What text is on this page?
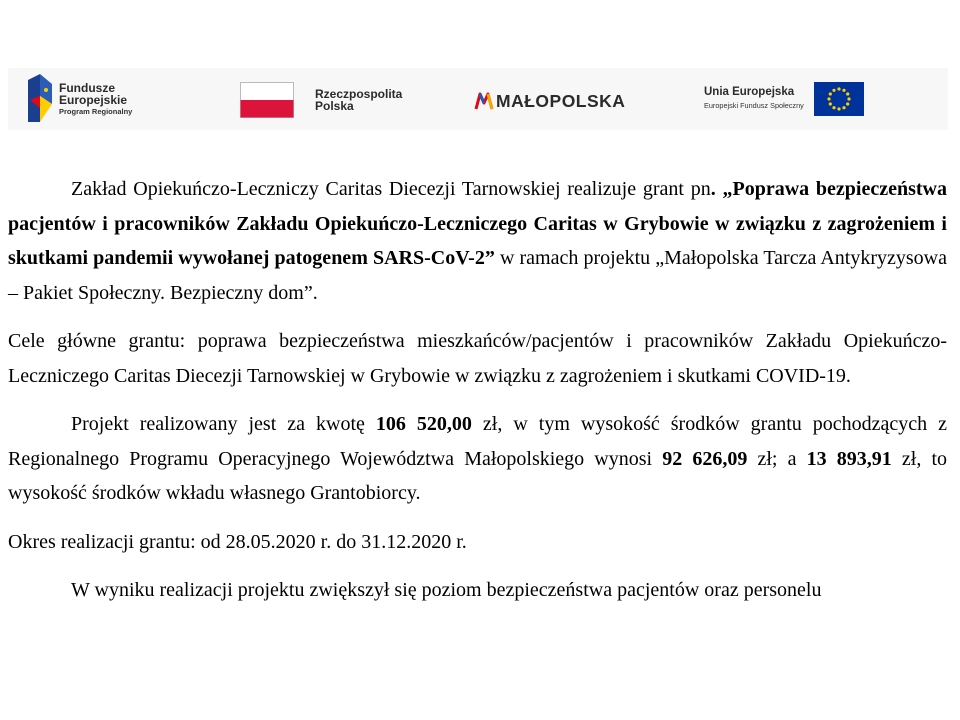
Fundusze
Europejskie
Program Regionalny
Rzeczpospolita
Polska	MAŁOPOLSKA	Unia Europejska
Europejski Fundusz Społeczny

Zakład Opiekuńczo-Leczniczy Caritas Diecezji Tarnowskiej realizuje grant pn. „Poprawa bezpieczeństwa pacjentów i pracowników Zakładu Opiekuńczo-Leczniczego Caritas w Grybowie w związku z zagrożeniem i skutkami pandemii wywołanej patogenem SARS-CoV-2” w ramach projektu „Małopolska Tarcza Antykryzysowa – Pakiet Społeczny. Bezpieczny dom”.

Cele główne grantu: poprawa bezpieczeństwa mieszkańców/pacjentów i pracowników Zakładu Opiekuńczo-Leczniczego Caritas Diecezji Tarnowskiej w Grybowie w związku z zagrożeniem i skutkami COVID-19.

Projekt realizowany jest za kwotę 106 520,00 zł, w tym wysokość środków grantu pochodzących z Regionalnego Programu Operacyjnego Województwa Małopolskiego wynosi 92 626,09 zł; a 13 893,91 zł, to wysokość środków wkładu własnego Grantobiorcy.

Okres realizacji grantu: od 28.05.2020 r. do 31.12.2020 r.

W wyniku realizacji projektu zwiększył się poziom bezpieczeństwa pacjentów oraz personelu
